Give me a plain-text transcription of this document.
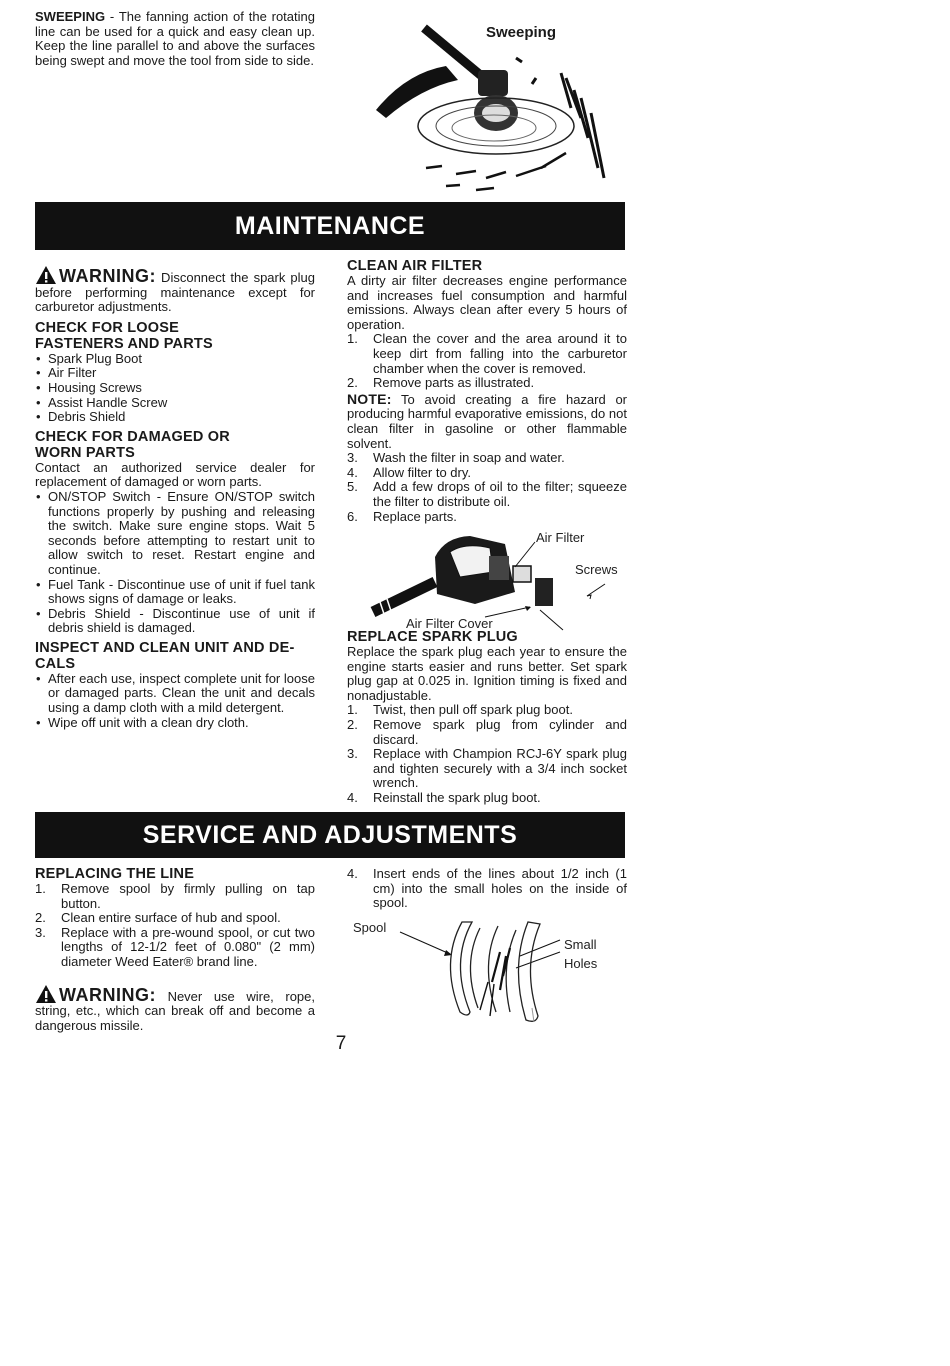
SWEEPING - The fanning action of the rotating line can be used for a quick and easy clean up. Keep the line parallel to and above the surfaces being swept and move the tool from side to side.
Sweeping
MAINTENANCE
WARNING: Disconnect the spark plug before performing maintenance except for carburetor adjustments.
CHECK FOR LOOSE
FASTENERS AND PARTS
• Spark Plug Boot
• Air Filter
• Housing Screws
• Assist Handle Screw
• Debris Shield
CHECK FOR DAMAGED OR
WORN PARTS

Contact an authorized service dealer for replacement of damaged or worn parts.

• ON/STOP Switch - Ensure ON/STOP switch functions properly by pushing and releasing the switch. Make sure engine stops. Wait 5 seconds before attempting to restart unit to allow switch to reset. Restart engine and continue.
• Fuel Tank - Discontinue use of unit if fuel tank shows signs of damage or leaks.
• Debris Shield - Discontinue use of unit if debris shield is damaged.
INSPECT AND CLEAN UNIT AND DE-
CALS
• After each use, inspect complete unit for loose or damaged parts. Clean the unit and decals using a damp cloth with a mild detergent.
• Wipe off unit with a clean dry cloth.
CLEAN AIR FILTER

A dirty air filter decreases engine performance and increases fuel consumption and harmful emissions. Always clean after every 5 hours of operation.

1. Clean the cover and the area around it to keep dirt from falling into the carburetor chamber when the cover is removed.
2. Remove parts as illustrated.

NOTE: To avoid creating a fire hazard or producing harmful evaporative emissions, do not clean filter in gasoline or other flammable solvent.

3. Wash the filter in soap and water.
4. Allow filter to dry.
5. Add a few drops of oil to the filter; squeeze the filter to distribute oil.
6. Replace parts.
Air Filter
Screws
Air Filter Cover
REPLACE SPARK PLUG

Replace the spark plug each year to ensure the engine starts easier and runs better. Set spark plug gap at 0.025 in. Ignition timing is fixed and nonadjustable.

1. Twist, then pull off spark plug boot.
2. Remove spark plug from cylinder and discard.
3. Replace with Champion RCJ-6Y spark plug and tighten securely with a 3/4 inch socket wrench.
4. Reinstall the spark plug boot.
SERVICE AND ADJUSTMENTS
REPLACING THE LINE
1. Remove spool by firmly pulling on tap button.
2. Clean entire surface of hub and spool.
3. Replace with a pre-wound spool, or cut two lengths of 12-1/2 feet of 0.080" (2 mm) diameter Weed Eater® brand line.
WARNING: Never use wire, rope, string, etc., which can break off and become a dangerous missile.
4. Insert ends of the lines about 1/2 inch (1 cm) into the small holes on the inside of spool.
Spool
Small
Holes
7
